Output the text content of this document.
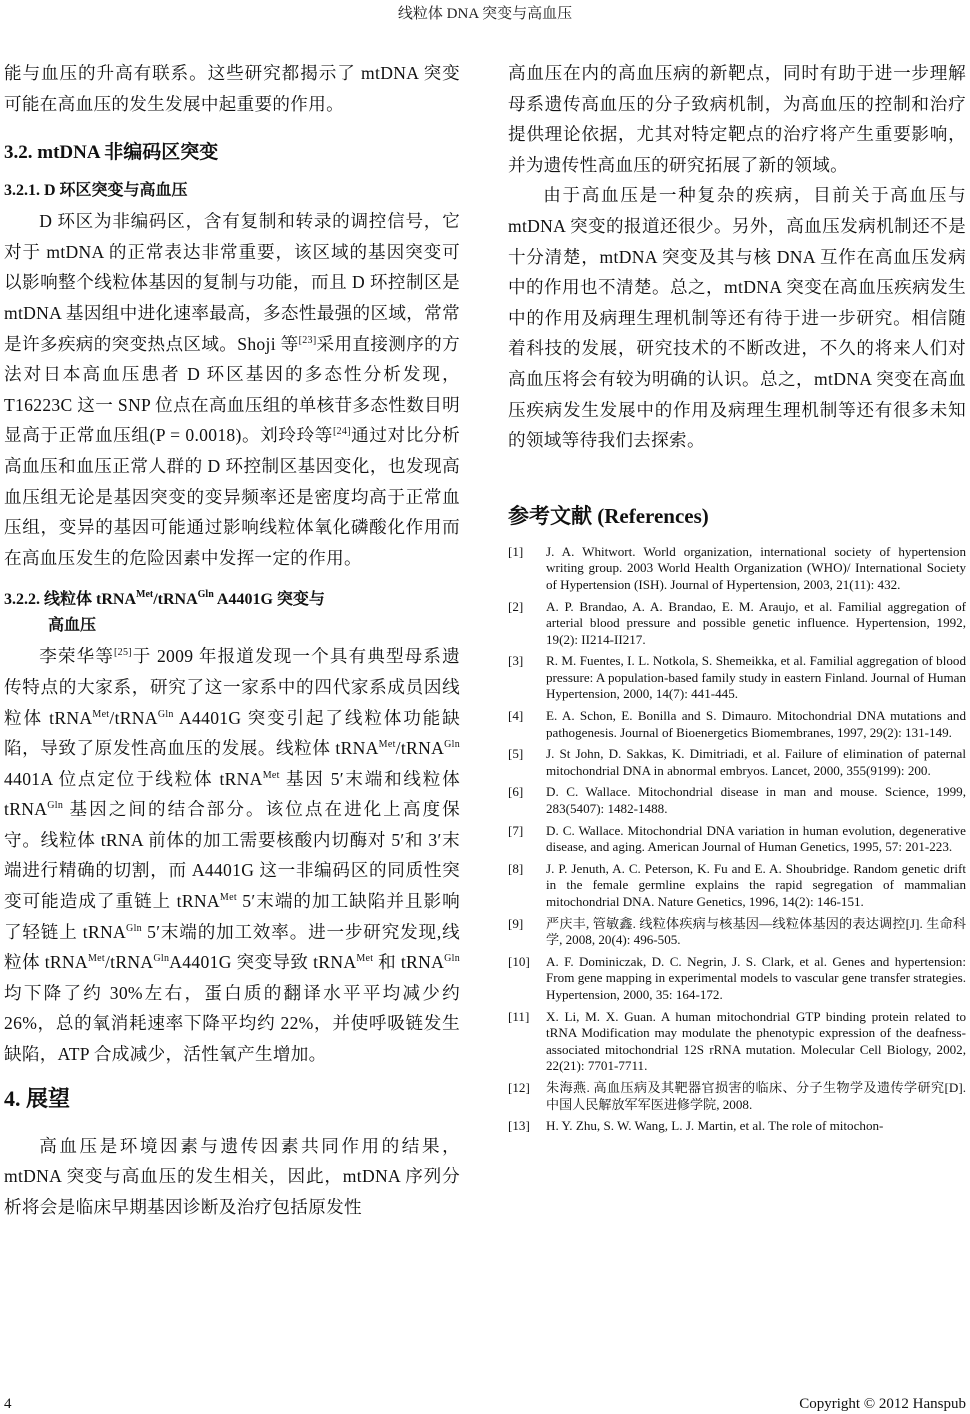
线粒体 DNA 突变与高血压

能与血压的升高有联系。这些研究都揭示了 mtDNA 突变可能在高血压的发生发展中起重要的作用。

3.2. mtDNA 非编码区突变
3.2.1. D 环区突变与高血压

D 环区为非编码区，含有复制和转录的调控信号，它对于 mtDNA 的正常表达非常重要，该区域的基因突变可以影响整个线粒体基因的复制与功能，而且 D 环控制区是 mtDNA 基因组中进化速率最高，多态性最强的区域，常常是许多疾病的突变热点区域。Shoji 等[23]采用直接测序的方法对日本高血压患者 D 环区基因的多态性分析发现，T16223C 这一 SNP 位点在高血压组的单核苷多态性数目明显高于正常血压组(P = 0.0018)。刘玲玲等[24]通过对比分析高血压和血压正常人群的 D 环控制区基因变化，也发现高血压组无论是基因突变的变异频率还是密度均高于正常血压组，变异的基因可能通过影响线粒体氧化磷酸化作用而在高血压发生的危险因素中发挥一定的作用。

3.2.2. 线粒体 tRNA$^{Met}$/tRNA$^{Gln}$ A4401G 突变与
高血压

李荣华等[25]于 2009 年报道发现一个具有典型母系遗传特点的大家系，研究了这一家系中的四代家系成员因线粒体 tRNA$^{Met}$/tRNA$^{Gln}$ A4401G 突变引起了线粒体功能缺陷，导致了原发性高血压的发展。线粒体 tRNA$^{Met}$/tRNA$^{Gln}$ 4401A 位点定位于线粒体 tRNA$^{Met}$ 基因 5′末端和线粒体 tRNA$^{Gln}$ 基因之间的结合部分。该位点在进化上高度保守。线粒体 tRNA 前体的加工需要核酸内切酶对 5′和 3′末端进行精确的切割，而 A4401G 这一非编码区的同质性突变可能造成了重链上 tRNA$^{Met}$ 5′末端的加工缺陷并且影响了轻链上 tRNA$^{Gln}$ 5′末端的加工效率。进一步研究发现,线粒体 tRNA$^{Met}$/tRNA$^{Gln}$A4401G 突变导致 tRNA$^{Met}$ 和 tRNA$^{Gln}$ 均下降了约 30%左右，蛋白质的翻译水平平均减少约 26%，总的氧消耗速率下降平均约 22%，并使呼吸链发生缺陷，ATP 合成减少，活性氧产生增加。

4. 展望

高血压是环境因素与遗传因素共同作用的结果，mtDNA 突变与高血压的发生相关，因此，mtDNA 序列分析将会是临床早期基因诊断及治疗包括原发性

高血压在内的高血压病的新靶点，同时有助于进一步理解母系遗传高血压的分子致病机制，为高血压的控制和治疗提供理论依据，尤其对特定靶点的治疗将产生重要影响，并为遗传性高血压的研究拓展了新的领域。

由于高血压是一种复杂的疾病，目前关于高血压与 mtDNA 突变的报道还很少。另外，高血压发病机制还不是十分清楚，mtDNA 突变及其与核 DNA 互作在高血压发病中的作用也不清楚。总之，mtDNA 突变在高血压疾病发生中的作用及病理生理机制等还有待于进一步研究。相信随着科技的发展，研究技术的不断改进，不久的将来人们对高血压将会有较为明确的认识。总之，mtDNA 突变在高血压疾病发生发展中的作用及病理生理机制等还有很多未知的领域等待我们去探索。

参考文献 (References)
[1]	J. A. Whitwort. World organization, international society of hypertension writing group. 2003 World Health Organization (WHO)/ International Society of Hypertension (ISH). Journal of Hypertension, 2003, 21(11): 432.
[2]	A. P. Brandao, A. A. Brandao, E. M. Araujo, et al. Familial aggregation of arterial blood pressure and possible genetic influence. Hypertension, 1992, 19(2): II214-II217.
[3]	R. M. Fuentes, I. L. Notkola, S. Shemeikka, et al. Familial aggregation of blood pressure: A population-based family study in eastern Finland. Journal of Human Hypertension, 2000, 14(7): 441-445.
[4]	E. A. Schon, E. Bonilla and S. Dimauro. Mitochondrial DNA mutations and pathogenesis. Journal of Bioenergetics Biomembranes, 1997, 29(2): 131-149.
[5]	J. St John, D. Sakkas, K. Dimitriadi, et al. Failure of elimination of paternal mitochondrial DNA in abnormal embryos. Lancet, 2000, 355(9199): 200.
[6]	D. C. Wallace. Mitochondrial disease in man and mouse. Science, 1999, 283(5407): 1482-1488.
[7]	D. C. Wallace. Mitochondrial DNA variation in human evolution, degenerative disease, and aging. American Journal of Human Genetics, 1995, 57: 201-223.
[8]	J. P. Jenuth, A. C. Peterson, K. Fu and E. A. Shoubridge. Random genetic drift in the female germline explains the rapid segregation of mammalian mitochondrial DNA. Nature Genetics, 1996, 14(2): 146-151.
[9]	严庆丰, 管敏鑫. 线粒体疾病与核基因—线粒体基因的表达调控[J]. 生命科学, 2008, 20(4): 496-505.
[10]	A. F. Dominiczak, D. C. Negrin, J. S. Clark, et al. Genes and hypertension: From gene mapping in experimental models to vascular gene transfer strategies. Hypertension, 2000, 35: 164-172.
[11]	X. Li, M. X. Guan. A human mitochondrial GTP binding protein related to tRNA Modification may modulate the phenotypic expression of the deafness-associated mitochondrial 12S rRNA mutation. Molecular Cell Biology, 2002, 22(21): 7701-7711.
[12]	朱海燕. 高血压病及其靶器官损害的临床、分子生物学及遗传学研究[D]. 中国人民解放军军医进修学院, 2008.
[13]	H. Y. Zhu, S. W. Wang, L. J. Martin, et al. The role of mitochon-
4	Copyright © 2012 Hanspub
